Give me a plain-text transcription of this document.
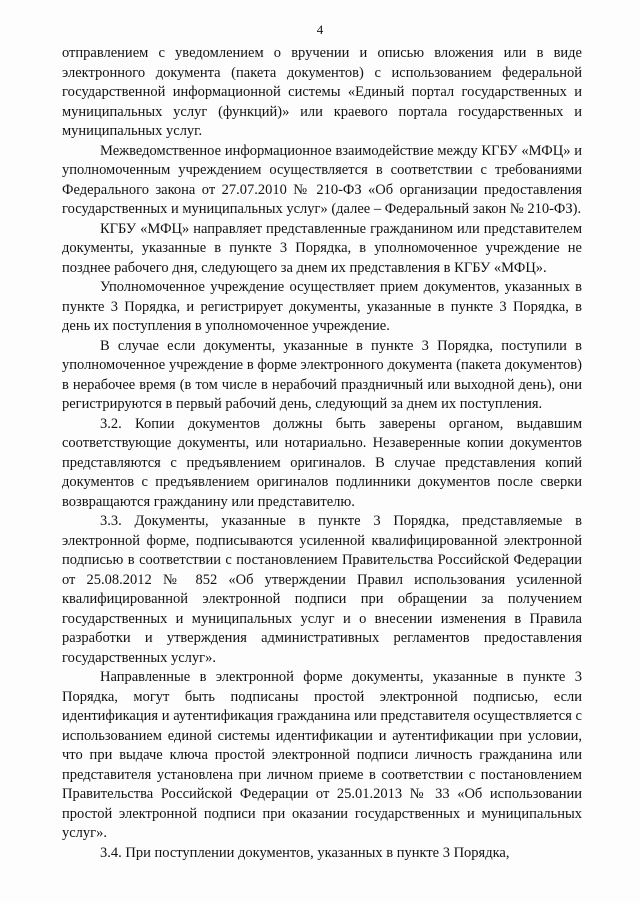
4

отправлением с уведомлением о вручении и описью вложения или в виде электронного документа (пакета документов) с использованием федеральной государственной информационной системы «Единый портал государственных и муниципальных услуг (функций)» или краевого портала государственных и муниципальных услуг.

Межведомственное информационное взаимодействие между КГБУ «МФЦ» и уполномоченным учреждением осуществляется в соответствии с требованиями Федерального закона от 27.07.2010 № 210-ФЗ «Об организации предоставления государственных и муниципальных услуг» (далее – Федеральный закон № 210-ФЗ).

КГБУ «МФЦ» направляет представленные гражданином или представителем документы, указанные в пункте 3 Порядка, в уполномоченное учреждение не позднее рабочего дня, следующего за днем их представления в КГБУ «МФЦ».

Уполномоченное учреждение осуществляет прием документов, указанных в пункте 3 Порядка, и регистрирует документы, указанные в пункте 3 Порядка, в день их поступления в уполномоченное учреждение.

В случае если документы, указанные в пункте 3 Порядка, поступили в уполномоченное учреждение в форме электронного документа (пакета документов) в нерабочее время (в том числе в нерабочий праздничный или выходной день), они регистрируются в первый рабочий день, следующий за днем их поступления.

3.2. Копии документов должны быть заверены органом, выдавшим соответствующие документы, или нотариально. Незаверенные копии документов представляются с предъявлением оригиналов. В случае представления копий документов с предъявлением оригиналов подлинники документов после сверки возвращаются гражданину или представителю.

3.3. Документы, указанные в пункте 3 Порядка, представляемые в электронной форме, подписываются усиленной квалифицированной электронной подписью в соответствии с постановлением Правительства Российской Федерации от 25.08.2012 № 852 «Об утверждении Правил использования усиленной квалифицированной электронной подписи при обращении за получением государственных и муниципальных услуг и о внесении изменения в Правила разработки и утверждения административных регламентов предоставления государственных услуг».

Направленные в электронной форме документы, указанные в пункте 3 Порядка, могут быть подписаны простой электронной подписью, если идентификация и аутентификация гражданина или представителя осуществляется с использованием единой системы идентификации и аутентификации при условии, что при выдаче ключа простой электронной подписи личность гражданина или представителя установлена при личном приеме в соответствии с постановлением Правительства Российской Федерации от 25.01.2013 № 33 «Об использовании простой электронной подписи при оказании государственных и муниципальных услуг».

3.4. При поступлении документов, указанных в пункте 3 Порядка,
